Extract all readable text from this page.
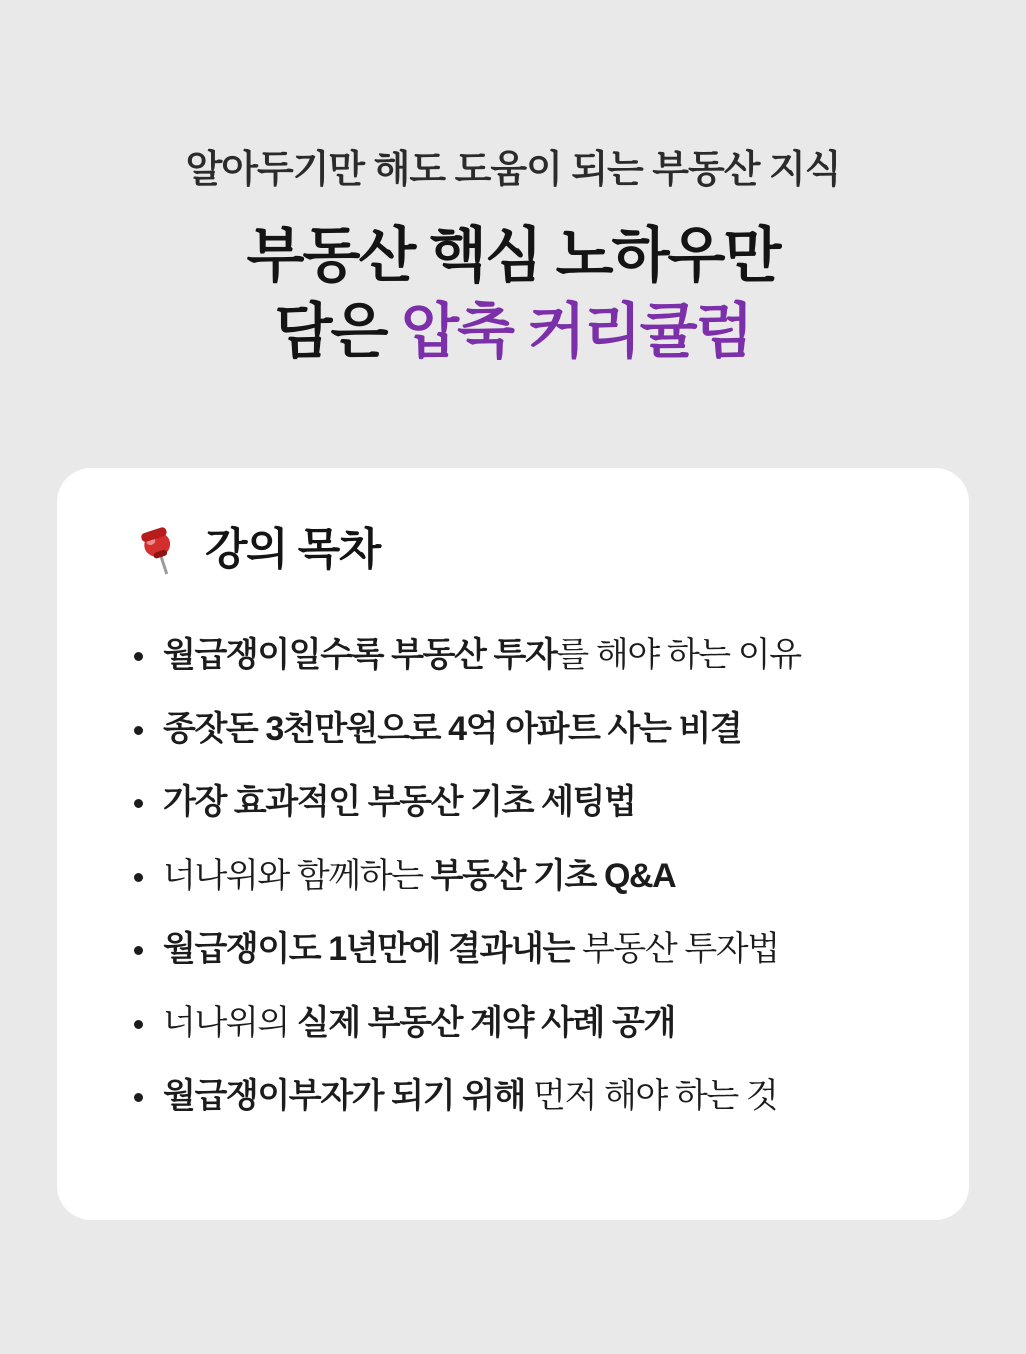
알아두기만 해도 도움이 되는 부동산 지식
부동산 핵심 노하우만
담은 압축 커리큘럼
강의 목차
월급쟁이일수록 부동산 투자를 해야 하는 이유
종잣돈 3천만원으로 4억 아파트 사는 비결
가장 효과적인 부동산 기초 세팅법
너나위와 함께하는 부동산 기초 Q&A
월급쟁이도 1년만에 결과내는 부동산 투자법
너나위의 실제 부동산 계약 사례 공개
월급쟁이부자가 되기 위해 먼저 해야 하는 것
